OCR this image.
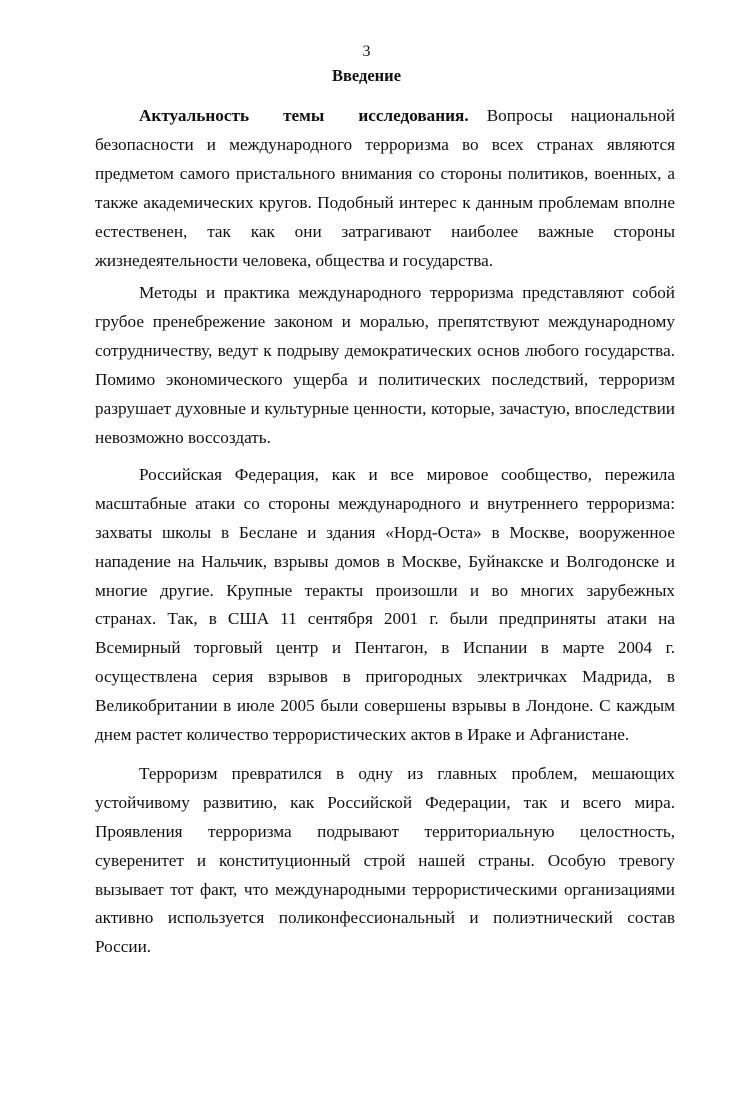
3
Введение

Актуальность темы исследования. Вопросы национальной безопасности и международного терроризма во всех странах являются предметом самого пристального внимания со стороны политиков, военных, а также академических кругов. Подобный интерес к данным проблемам вполне естественен, так как они затрагивают наиболее важные стороны жизнедеятельности человека, общества и государства.

Методы и практика международного терроризма представляют собой грубое пренебрежение законом и моралью, препятствуют международному сотрудничеству, ведут к подрыву демократических основ любого государства. Помимо экономического ущерба и политических последствий, терроризм разрушает духовные и культурные ценности, которые, зачастую, впоследствии невозможно воссоздать.

Российская Федерация, как и все мировое сообщество, пережила масштабные атаки со стороны международного и внутреннего терроризма: захваты школы в Беслане и здания «Норд-Оста» в Москве, вооруженное нападение на Нальчик, взрывы домов в Москве, Буйнакске и Волгодонске и многие другие. Крупные теракты произошли и во многих зарубежных странах. Так, в США 11 сентября 2001 г. были предприняты атаки на Всемирный торговый центр и Пентагон, в Испании в марте 2004 г. осуществлена серия взрывов в пригородных электричках Мадрида, в Великобритании в июле 2005 были совершены взрывы в Лондоне. С каждым днем растет количество террористических актов в Ираке и Афганистане.

Терроризм превратился в одну из главных проблем, мешающих устойчивому развитию, как Российской Федерации, так и всего мира. Проявления терроризма подрывают территориальную целостность, суверенитет и конституционный строй нашей страны. Особую тревогу вызывает тот факт, что международными террористическими организациями активно используется поликонфессиональный и полиэтнический состав России.
